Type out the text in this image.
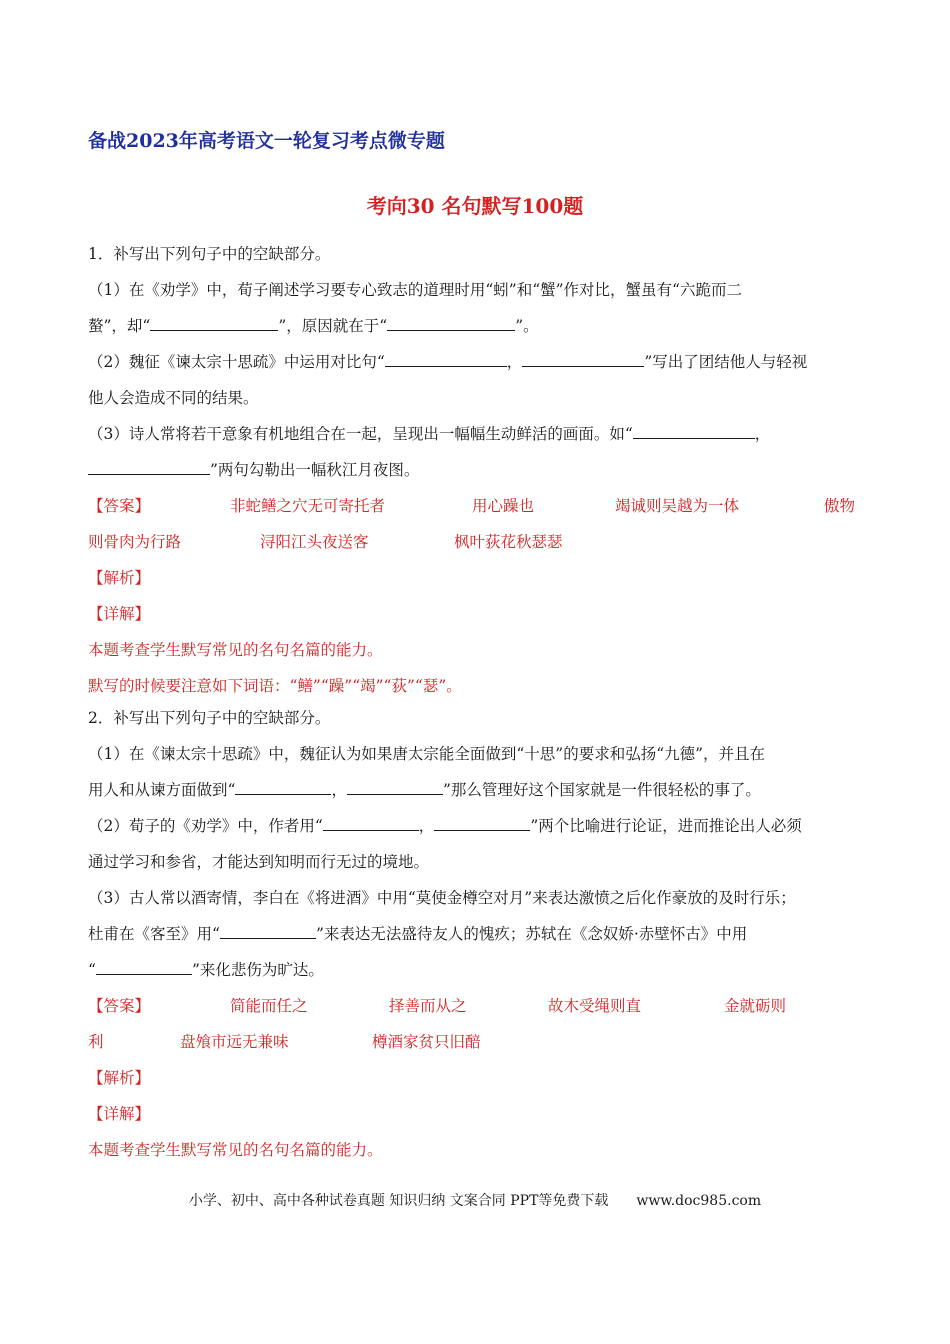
备战2023年高考语文一轮复习考点微专题
考向30 名句默写100题
1．补写出下列句子中的空缺部分。
（1）在《劝学》中，荀子阐述学习要专心致志的道理时用“蚓”和“蟹”作对比，蟹虽有“六跪而二
螯”，却“	”，原因就在于“	”。
（2）魏征《谏太宗十思疏》中运用对比句“	，	”写出了团结他人与轻视
他人会造成不同的结果。
（3）诗人常将若干意象有机地组合在一起，呈现出一幅幅生动鲜活的画面。如“	，
”两句勾勒出一幅秋江月夜图。
【答案】	非蛇鳝之穴无可寄托者	用心躁也	竭诚则吴越为一体	傲物
则骨肉为行路	浔阳江头夜送客	枫叶荻花秋瑟瑟
【解析】
【详解】
本题考查学生默写常见的名句名篇的能力。
默写的时候要注意如下词语：“鳝”“躁”“竭”“荻”“瑟”。
2．补写出下列句子中的空缺部分。
（1）在《谏太宗十思疏》中，魏征认为如果唐太宗能全面做到“十思”的要求和弘扬“九德”，并且在
用人和从谏方面做到“	，	”那么管理好这个国家就是一件很轻松的事了。
（2）荀子的《劝学》中，作者用“	，	”两个比喻进行论证，进而推论出人必须
通过学习和参省，才能达到知明而行无过的境地。
（3）古人常以酒寄情，李白在《将进酒》中用“莫使金樽空对月”来表达激愤之后化作豪放的及时行乐；
杜甫在《客至》用“	”来表达无法盛待友人的愧疚；苏轼在《念奴娇·赤壁怀古》中用
“	”来化悲伤为旷达。
【答案】	简能而任之	择善而从之	故木受绳则直	金就砺则
利	盘飧市远无兼味	樽酒家贫只旧醅
【解析】
【详解】
本题考查学生默写常见的名句名篇的能力。
小学、初中、高中各种试卷真题 知识归纳 文案合同 PPT等免费下载 www.doc985.com
